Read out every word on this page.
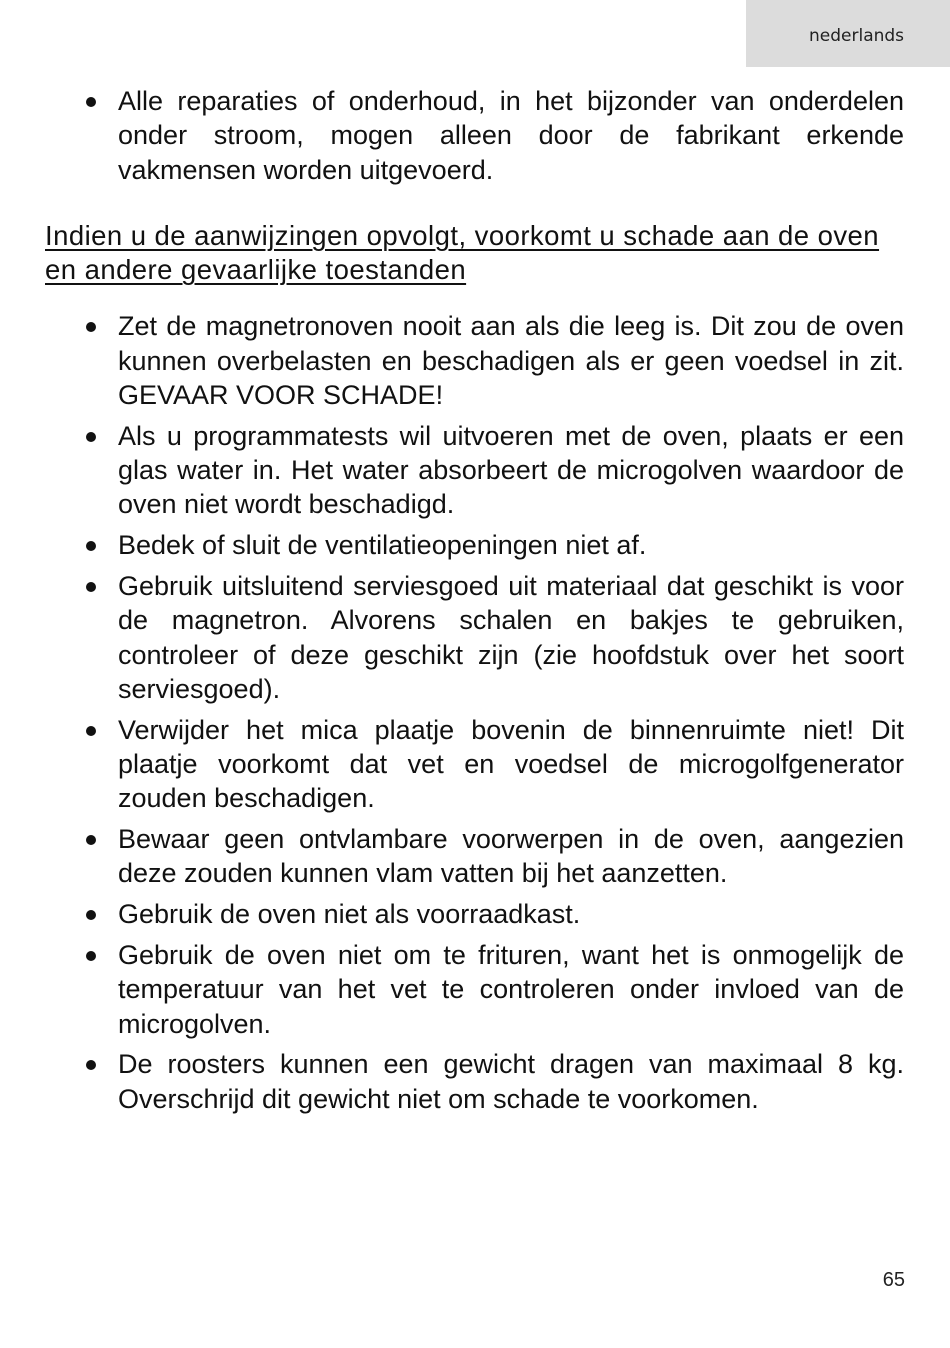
nederlands
Alle reparaties of onderhoud, in het bijzonder van onderdelen onder stroom, mogen alleen door de fabrikant erkende vakmensen worden uitgevoerd.
Indien u de aanwijzingen opvolgt, voorkomt u schade aan de oven en andere gevaarlijke toestanden
Zet de magnetronoven nooit aan als die leeg is. Dit zou de oven kunnen overbelasten en beschadigen als er geen voedsel in zit. GEVAAR VOOR SCHADE!
Als u programmatests wil uitvoeren met de oven, plaats er een glas water in. Het water absorbeert de microgolven waardoor de oven niet wordt beschadigd.
Bedek of sluit de ventilatieopeningen niet af.
Gebruik uitsluitend serviesgoed uit materiaal dat geschikt is voor de magnetron. Alvorens schalen en bakjes te gebruiken, controleer of deze geschikt zijn (zie hoofdstuk over het soort serviesgoed).
Verwijder het mica plaatje bovenin de binnenruimte niet! Dit plaatje voorkomt dat vet en voedsel de microgolfgenerator zouden beschadigen.
Bewaar geen ontvlambare voorwerpen in de oven, aangezien deze zouden kunnen vlam vatten bij het aanzetten.
Gebruik de oven niet als voorraadkast.
Gebruik de oven niet om te frituren, want het is onmogelijk de temperatuur van het vet te controleren onder invloed van de microgolven.
De roosters kunnen een gewicht dragen van maximaal 8 kg. Overschrijd dit gewicht niet om schade te voorkomen.
65
